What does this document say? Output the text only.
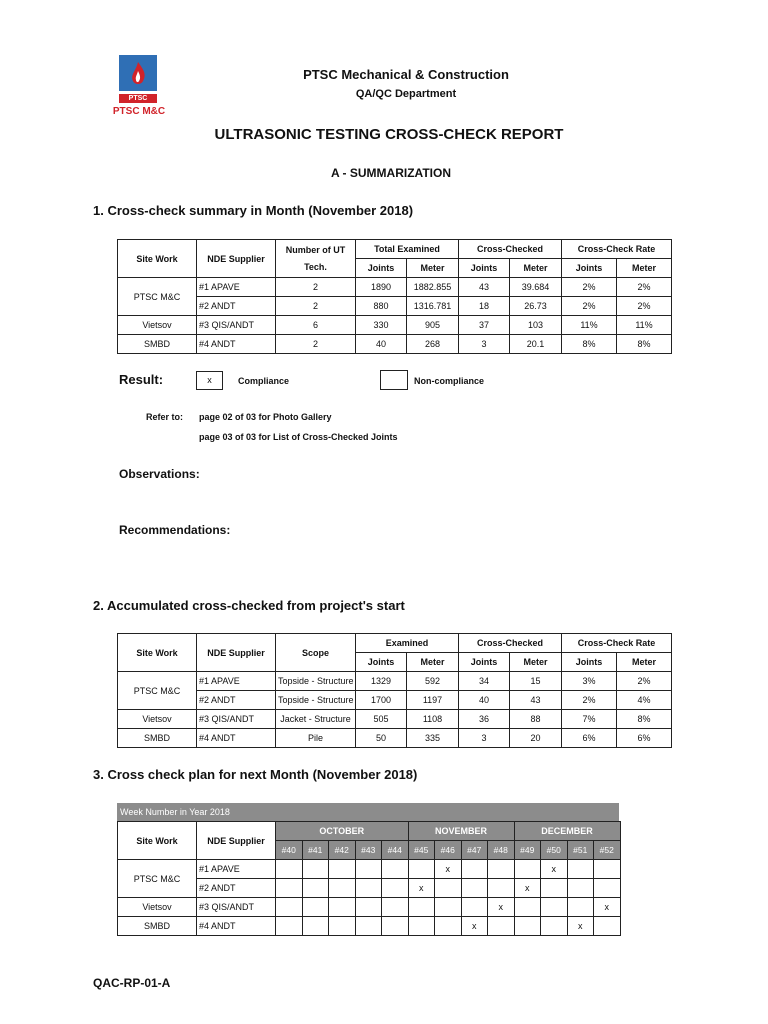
PTSC
PTSC M&C
PTSC Mechanical & Construction
QA/QC Department
ULTRASONIC TESTING CROSS-CHECK REPORT
A - SUMMARIZATION
1. Cross-check summary in Month (November 2018)
Site Work	NDE Supplier	Number of UT Tech.	Total Examined		Cross-Checked		Cross-Check Rate	
			Joints	Meter	Joints	Meter	Joints	Meter
PTSC M&C	#1 APAVE	2	1890	1882.855	43	39.684	2%	2%
	#2 ANDT	2	880	1316.781	18	26.73	2%	2%
Vietsov	#3 QIS/ANDT	6	330	905	37	103	11%	11%
SMBD	#4 ANDT	2	40	268	3	20.1	8%	8%
Result:	x	Compliance	Non-compliance
Refer to: page 02 of 03 for Photo Gallery
page 03 of 03 for List of Cross-Checked Joints
Observations:
Recommendations:
2. Accumulated cross-checked from project's start
Site Work	NDE Supplier	Scope	Examined		Cross-Checked		Cross-Check Rate	
			Joints	Meter	Joints	Meter	Joints	Meter
PTSC M&C	#1 APAVE	Topside - Structure	1329	592	34	15	3%	2%
	#2 ANDT	Topside - Structure	1700	1197	40	43	2%	4%
Vietsov	#3 QIS/ANDT	Jacket - Structure	505	1108	36	88	7%	8%
SMBD	#4 ANDT	Pile	50	335	3	20	6%	6%
3. Cross check plan for next Month (November 2018)
Week Number in Year 2018
Site Work	NDE Supplier	OCTOBER					NOVEMBER				DECEMBER			
		#40	#41	#42	#43	#44	#45	#46	#47	#48	#49	#50	#51	#52
PTSC M&C	#1 APAVE							x				x		
	#2 ANDT						x				x			
Vietsov	#3 QIS/ANDT									x				x
SMBD	#4 ANDT								x				x	
QAC-RP-01-A
